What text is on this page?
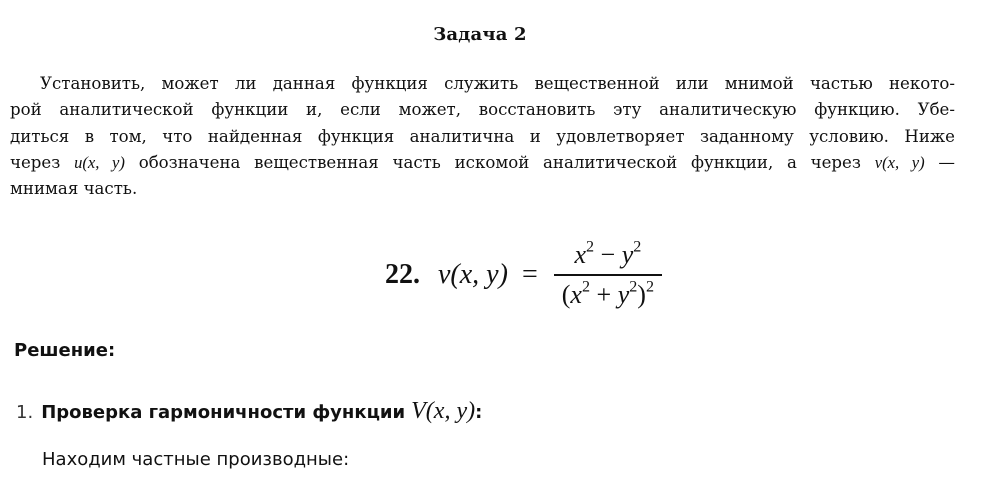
Задача 2
Установить, может ли данная функция служить вещественной или мнимой частью некото-
рой аналитической функции и, если может, восстановить эту аналитическую функцию. Убе-
диться в том, что найденная функция аналитична и удовлетворяет заданному условию. Ниже
через u(x, y) обозначена вещественная часть искомой аналитической функции, а через v(x, y) —
мнимая часть.
22. v(x, $y) = \frac{x^2 - y^2}{(x^2 + y^2)^2}$
Решение:
1. Проверка гармоничности функции V(x, y) :
Находим частные производные:
